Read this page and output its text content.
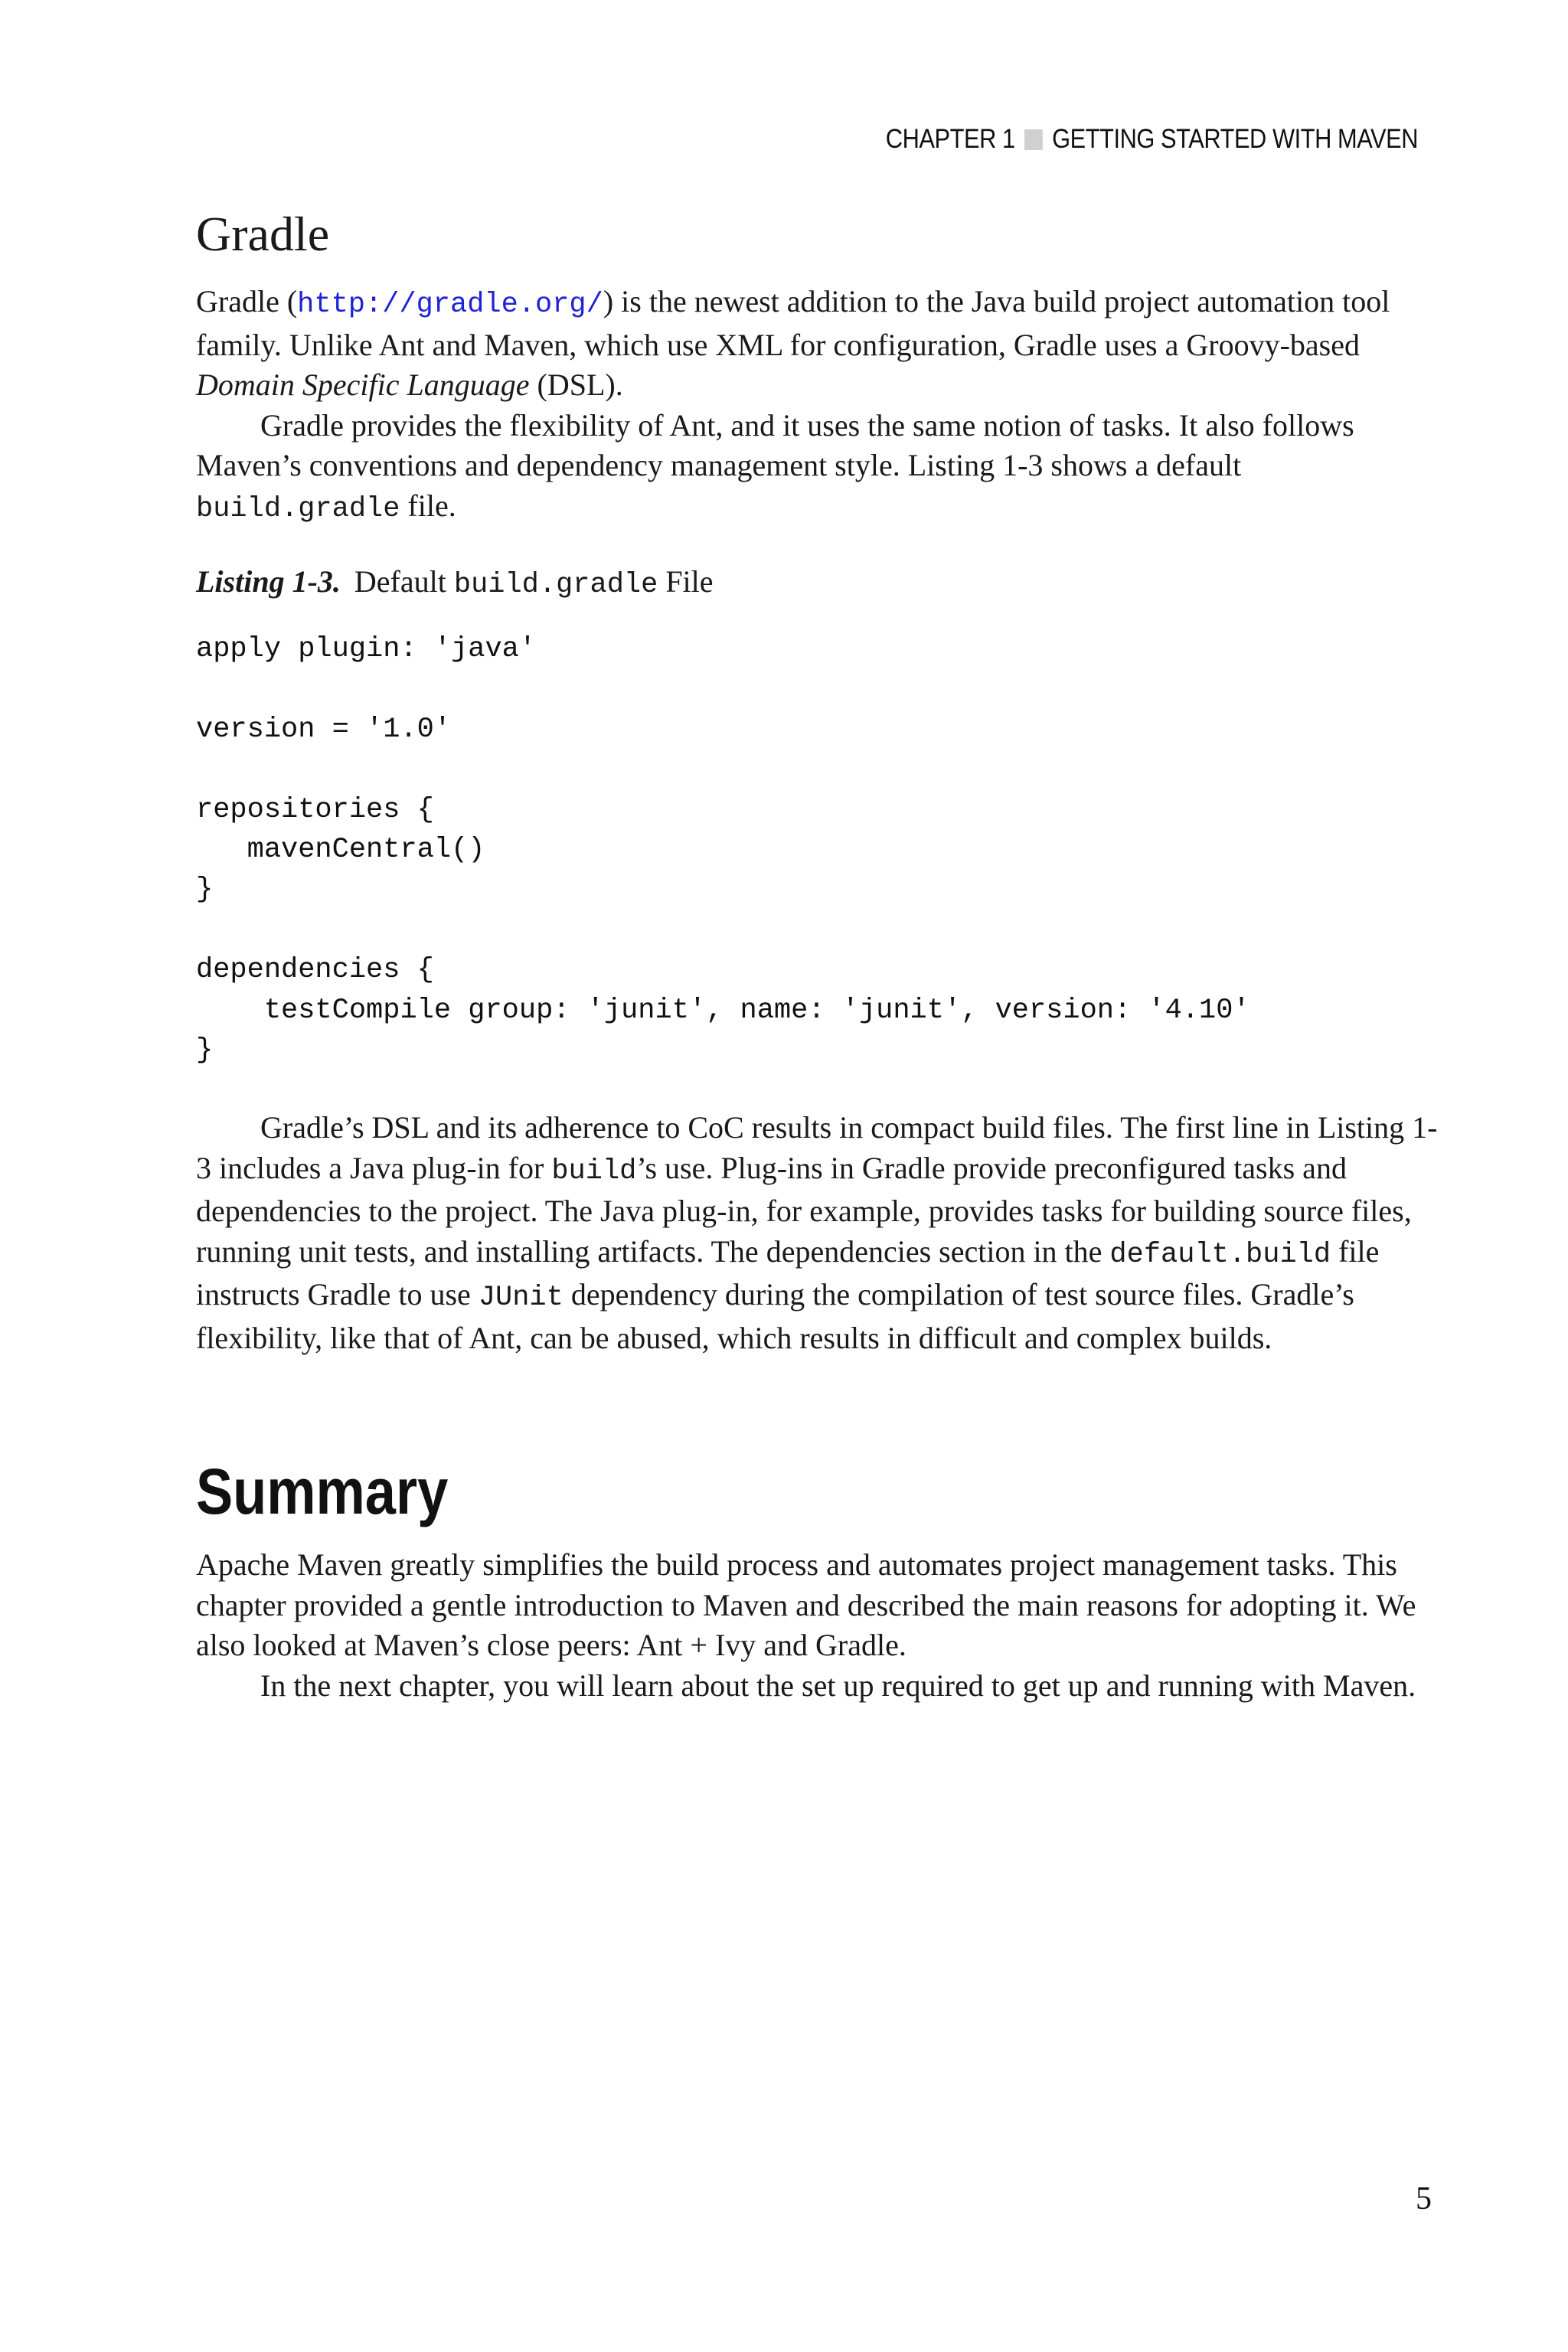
CHAPTER 1 GETTING STARTED WITH MAVEN
Gradle

Gradle (http://gradle.org/) is the newest addition to the Java build project automation tool family. Unlike Ant and Maven, which use XML for configuration, Gradle uses a Groovy-based Domain Specific Language (DSL).

Gradle provides the flexibility of Ant, and it uses the same notion of tasks. It also follows Maven’s conventions and dependency management style. Listing 1-3 shows a default build.gradle file.

Listing 1-3. Default build.gradle File

apply plugin: 'java'

version = '1.0'

repositories {
mavenCentral()
}

dependencies {
testCompile group: 'junit', name: 'junit', version: '4.10'
}

Gradle’s DSL and its adherence to CoC results in compact build files. The first line in Listing 1-3 includes a Java plug-in for build’s use. Plug-ins in Gradle provide preconfigured tasks and dependencies to the project. The Java plug-in, for example, provides tasks for building source files, running unit tests, and installing artifacts. The dependencies section in the default.build file instructs Gradle to use JUnit dependency during the compilation of test source files. Gradle’s flexibility, like that of Ant, can be abused, which results in difficult and complex builds.

Summary

Apache Maven greatly simplifies the build process and automates project management tasks. This chapter provided a gentle introduction to Maven and described the main reasons for adopting it. We also looked at Maven’s close peers: Ant + Ivy and Gradle.

In the next chapter, you will learn about the set up required to get up and running with Maven.

5
